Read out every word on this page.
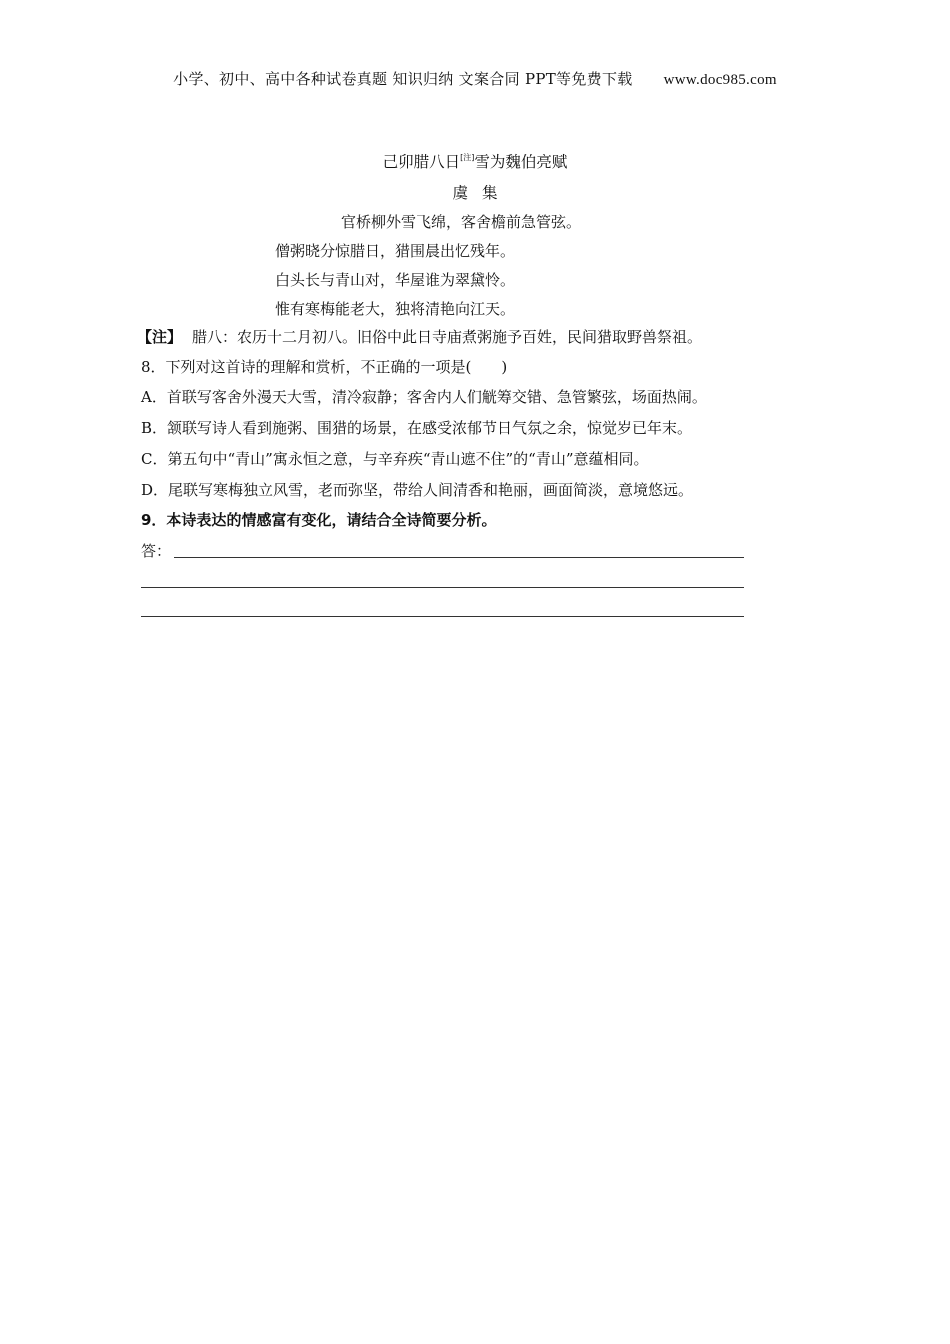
小学、初中、高中各种试卷真题 知识归纳 文案合同 PPT等免费下载 www.doc985.com
己卯腊八日[注]雪为魏伯亮赋
虞集
官桥柳外雪飞绵，客舍檐前急管弦。
僧粥晓分惊腊日，猎围晨出忆残年。
白头长与青山对，华屋谁为翠黛怜。
惟有寒梅能老大，独将清艳向江天。
【注】 腊八：农历十二月初八。旧俗中此日寺庙煮粥施予百姓，民间猎取野兽祭祖。
8．下列对这首诗的理解和赏析，不正确的一项是(　　)
A．首联写客舍外漫天大雪，清冷寂静；客舍内人们觥筹交错、急管繁弦，场面热闹。
B．颔联写诗人看到施粥、围猎的场景，在感受浓郁节日气氛之余，惊觉岁已年末。
C．第五句中“青山”寓永恒之意，与辛弃疾“青山遮不住”的“青山”意蕴相同。
D．尾联写寒梅独立风雪，老而弥坚，带给人间清香和艳丽，画面简淡，意境悠远。
9．本诗表达的情感富有变化，请结合全诗简要分析。
答：
